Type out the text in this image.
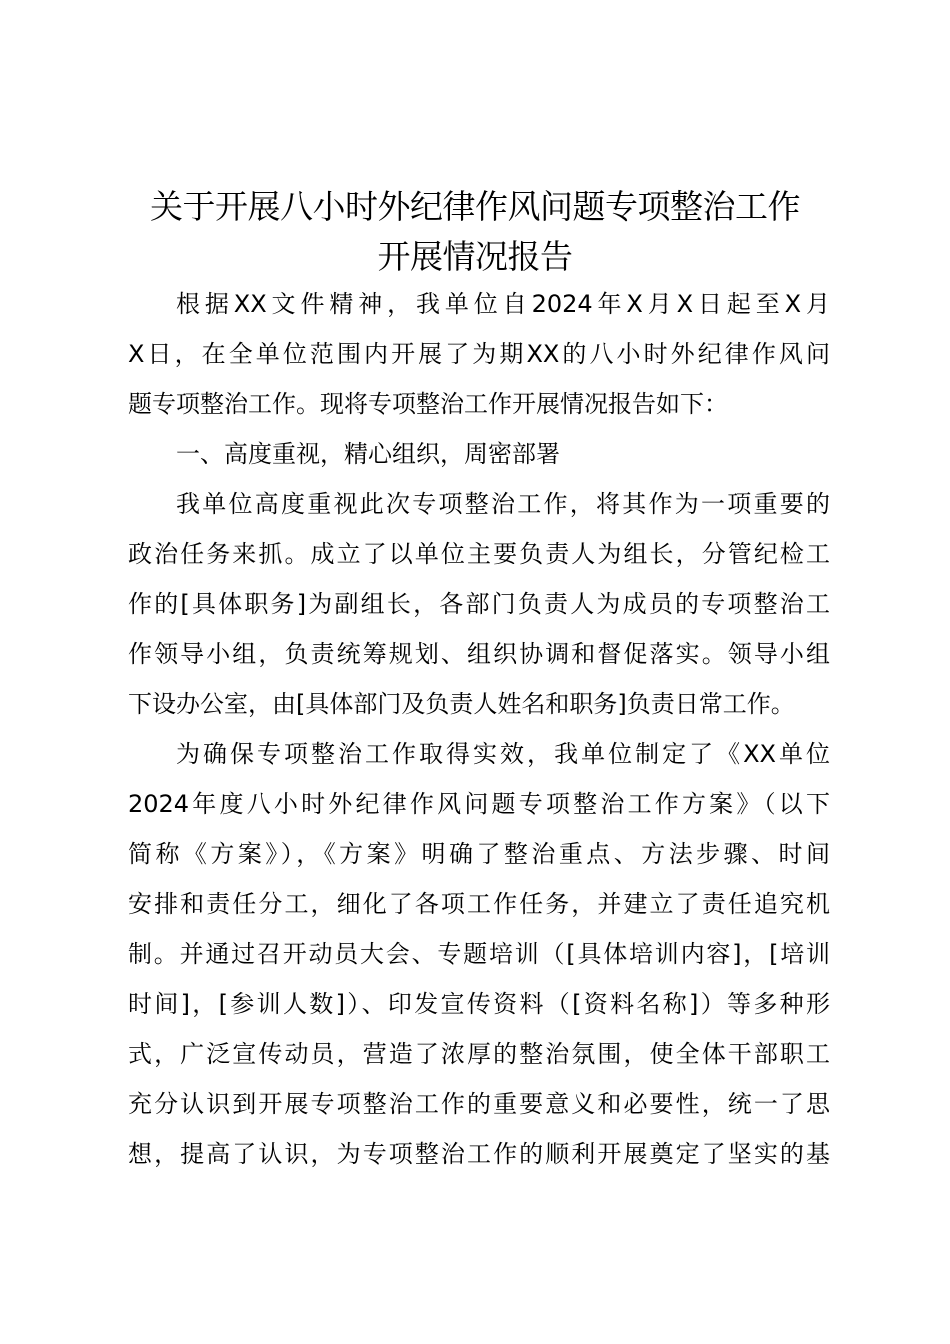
关于开展八小时外纪律作风问题专项整治工作
开展情况报告
根据XX文件精神，我单位自2024年X月X日起至X月
X日，在全单位范围内开展了为期XX的八小时外纪律作风问
题专项整治工作。现将专项整治工作开展情况报告如下：
一、高度重视，精心组织，周密部署
我单位高度重视此次专项整治工作，将其作为一项重要的
政治任务来抓。成立了以单位主要负责人为组长，分管纪检工
作的[具体职务]为副组长，各部门负责人为成员的专项整治工
作领导小组，负责统筹规划、组织协调和督促落实。领导小组
下设办公室，由[具体部门及负责人姓名和职务]负责日常工作。
为确保专项整治工作取得实效，我单位制定了《XX单位
2024年度八小时外纪律作风问题专项整治工作方案》（以下
简称《方案》），《方案》明确了整治重点、方法步骤、时间
安排和责任分工，细化了各项工作任务，并建立了责任追究机
制。并通过召开动员大会、专题培训（[具体培训内容]，[培训
时间]，[参训人数]）、印发宣传资料（[资料名称]）等多种形
式，广泛宣传动员，营造了浓厚的整治氛围，使全体干部职工
充分认识到开展专项整治工作的重要意义和必要性，统一了思
想，提高了认识，为专项整治工作的顺利开展奠定了坚实的基
